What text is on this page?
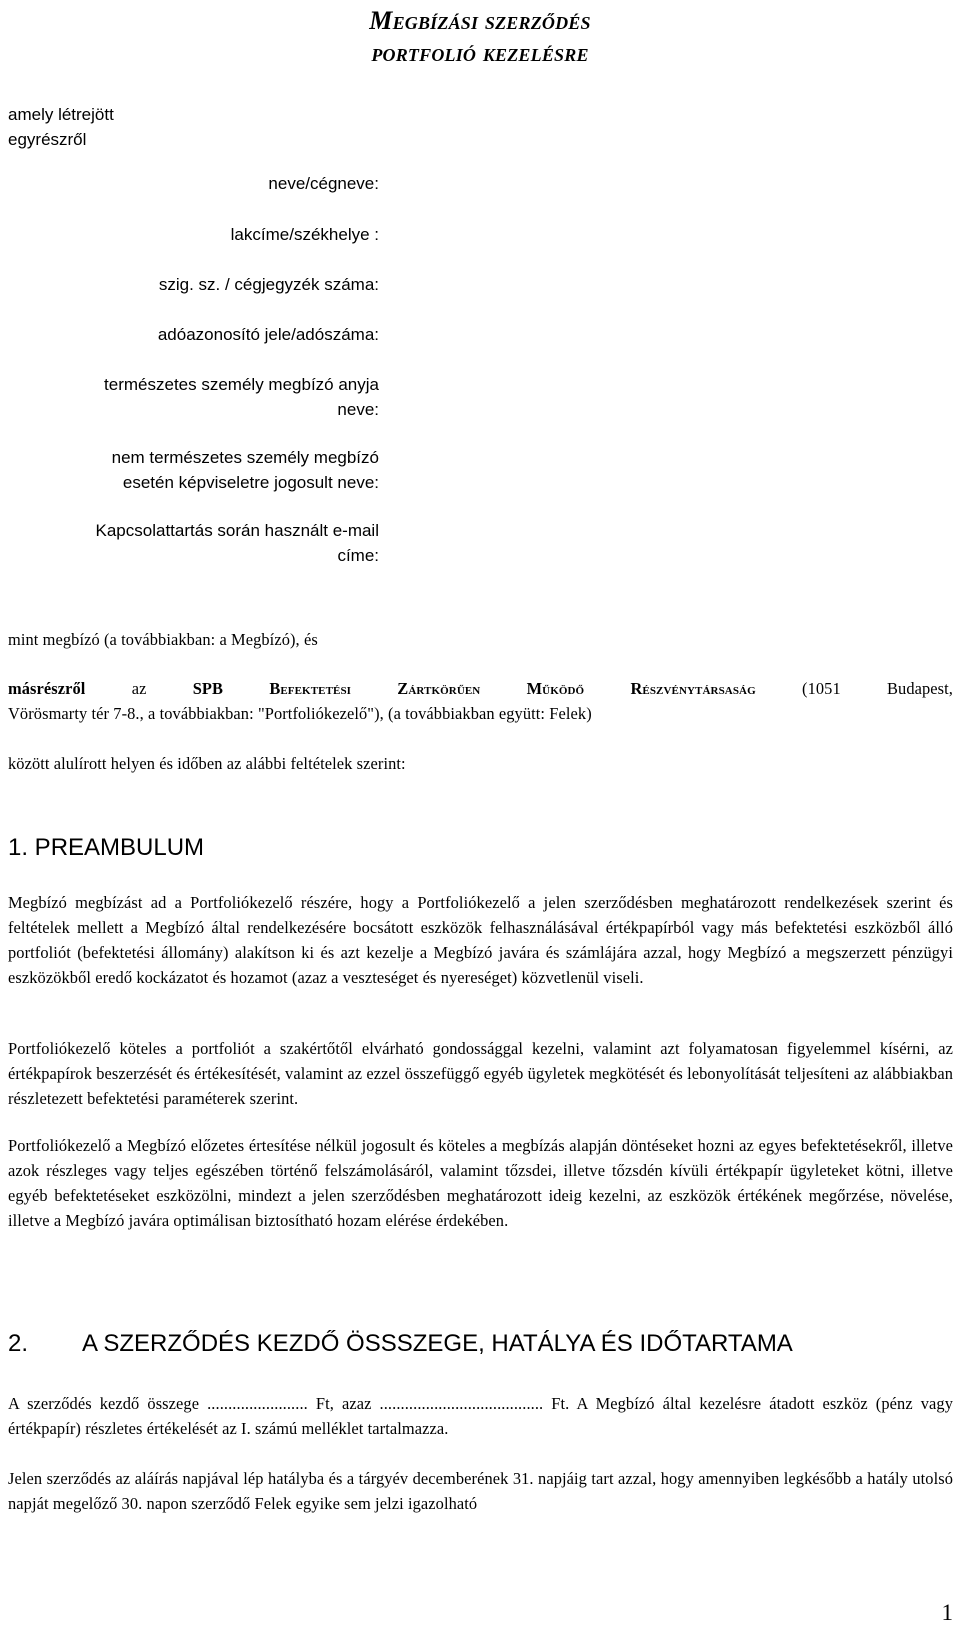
Megbízási szerződés
portfolió kezelésre
amely létrejött
egyrészről
neve/cégneve:
lakcíme/székhelye :
szig. sz. / cégjegyzék száma:
adóazonosító jele/adószáma:
természetes személy megbízó anyja
neve:
nem természetes személy megbízó
esetén képviseletre jogosult neve:
Kapcsolattartás során használt e-mail
címe:
mint megbízó (a továbbiakban: a Megbízó), és
másrészről	az	SPB Befektetési Zártkörűen Működő Részvénytársaság	(1051 Budapest,
Vörösmarty tér 7-8., a továbbiakban: "Portfoliókezelő"), (a továbbiakban együtt: Felek)
között alulírott helyen és időben az alábbi feltételek szerint:
1. PREAMBULUM
Megbízó megbízást ad a Portfoliókezelő részére, hogy a Portfoliókezelő a jelen szerződésben meghatározott rendelkezések szerint és feltételek mellett a Megbízó által rendelkezésére bocsátott eszközök felhasználásával értékpapírból vagy más befektetési eszközből álló portfoliót (befektetési állomány) alakítson ki és azt kezelje a Megbízó javára és számlájára azzal, hogy Megbízó a megszerzett pénzügyi eszközökből eredő kockázatot és hozamot (azaz a veszteséget és nyereséget) közvetlenül viseli.
Portfoliókezelő köteles a portfoliót a szakértőtől elvárható gondossággal kezelni, valamint azt folyamatosan figyelemmel kísérni, az értékpapírok beszerzését és értékesítését, valamint az ezzel összefüggő egyéb ügyletek megkötését és lebonyolítását teljesíteni az alábbiakban részletezett befektetési paraméterek szerint.
Portfoliókezelő a Megbízó előzetes értesítése nélkül jogosult és köteles a megbízás alapján döntéseket hozni az egyes befektetésekről, illetve azok részleges vagy teljes egészében történő felszámolásáról, valamint tőzsdei, illetve tőzsdén kívüli értékpapír ügyleteket kötni, illetve egyéb befektetéseket eszközölni, mindezt a jelen szerződésben meghatározott ideig kezelni, az eszközök értékének megőrzése, növelése, illetve a Megbízó javára optimálisan biztosítható hozam elérése érdekében.
2. A SZERZŐDÉS KEZDŐ ÖSSSZEGE, HATÁLYA ÉS IDŐTARTAMA
A szerződés kezdő összege ........................ Ft, azaz ....................................... Ft. A Megbízó által kezelésre átadott eszköz (pénz vagy értékpapír) részletes értékelését az I. számú melléklet tartalmazza.
Jelen szerződés az aláírás napjával lép hatályba és a tárgyév decemberének 31. napjáig tart azzal, hogy amennyiben legkésőbb a hatály utolsó napját megelőző 30. napon szerződő Felek egyike sem jelzi igazolható
1
